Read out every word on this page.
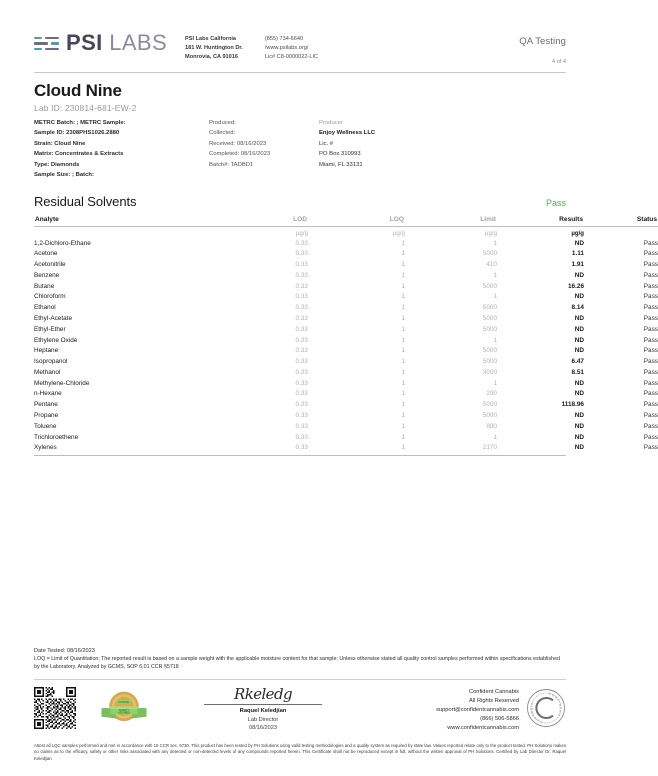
PSI LABS	PSI Labs California
181 W. Huntington Dr.
Monrovia, CA 91016
(855) 734-6640
/www.psilabs.org/
Lic# C8-0000022-LIC
QA Testing
4 of 4
Cloud Nine
Lab ID: 230814-681-EW-2
METRC Batch: ; METRC Sample:
Sample ID: 2308PHS1026.2880
Strain: Cloud Nine
Matrix: Concentrates & Extracts
Type: Diamonds
Sample Size: ; Batch:
Produced:
Collected:
Received: 08/16/2023
Completed: 08/16/2023
Batch#: TADBD1
Producer
Enjoy Wellness LLC
Lic. #
PO Box 310993
Miami, FL 33131
Residual Solvents	Pass
Analyte	LOD	LOQ	Limit	Results	Status
	µg/g	µg/g	µg/g	µg/g	
1,2-Dichloro-Ethane	0.33	1	1	ND	Pass
Acetone	0.33	1	5000	1.11	Pass
Acetonitrile	0.33	1	410	1.91	Pass
Benzene	0.33	1	1	ND	Pass
Butane	0.33	1	5000	16.26	Pass
Chloroform	0.33	1	1	ND	Pass
Ethanol	0.33	1	5000	8.14	Pass
Ethyl-Acetate	0.33	1	5000	ND	Pass
Ethyl-Ether	0.33	1	5000	ND	Pass
Ethylene Oxide	0.33	1	1	ND	Pass
Heptane	0.33	1	5000	ND	Pass
Isopropanol	0.33	1	5000	6.47	Pass
Methanol	0.33	1	3000	8.51	Pass
Methylene-Chloride	0.33	1	1	ND	Pass
n-Hexane	0.33	1	290	ND	Pass
Pentane	0.33	1	5000	1118.96	Pass
Propane	0.33	1	5000	ND	Pass
Toluene	0.33	1	890	ND	Pass
Trichloroethene	0.33	1	1	ND	Pass
Xylenes	0.33	1	2170	ND	Pass
Date Tested: 08/16/2023
LOQ = Limit of Quantitation; The reported result is based on a sample weight with the applicable moisture content for that sample; Unless otherwise stated all quality control samples performed within specifications established by the Laboratory. Analyzed by GCMS, SOP 6.01 CCR §5718
NATIONAL
QUALITY
ASSURED
Rkeledg
Raquel Keledjian
Lab Director
08/16/2023
Confident Cannabis
All Rights Reserved
support@confidentcannabis.com
(866) 506-5866
www.confidentcannabis.com
CONFIDENT
CANNABIS
Attest all LQC samples performed and met in accordance with 16 CCR sec. 5730. This product has been tested by PH Solutions using valid testing methodologies and a quality system as required by state law. Values reported relate only to the product tested. PH Solutions makes no claims as to the efficacy, safety or other risks associated with any detected or non-detected levels of any compounds reported herein. This Certificate shall not be reproduced except in full, without the written approval of PH Solutions. Certified by Lab Director Dr. Raquel Keledjian
